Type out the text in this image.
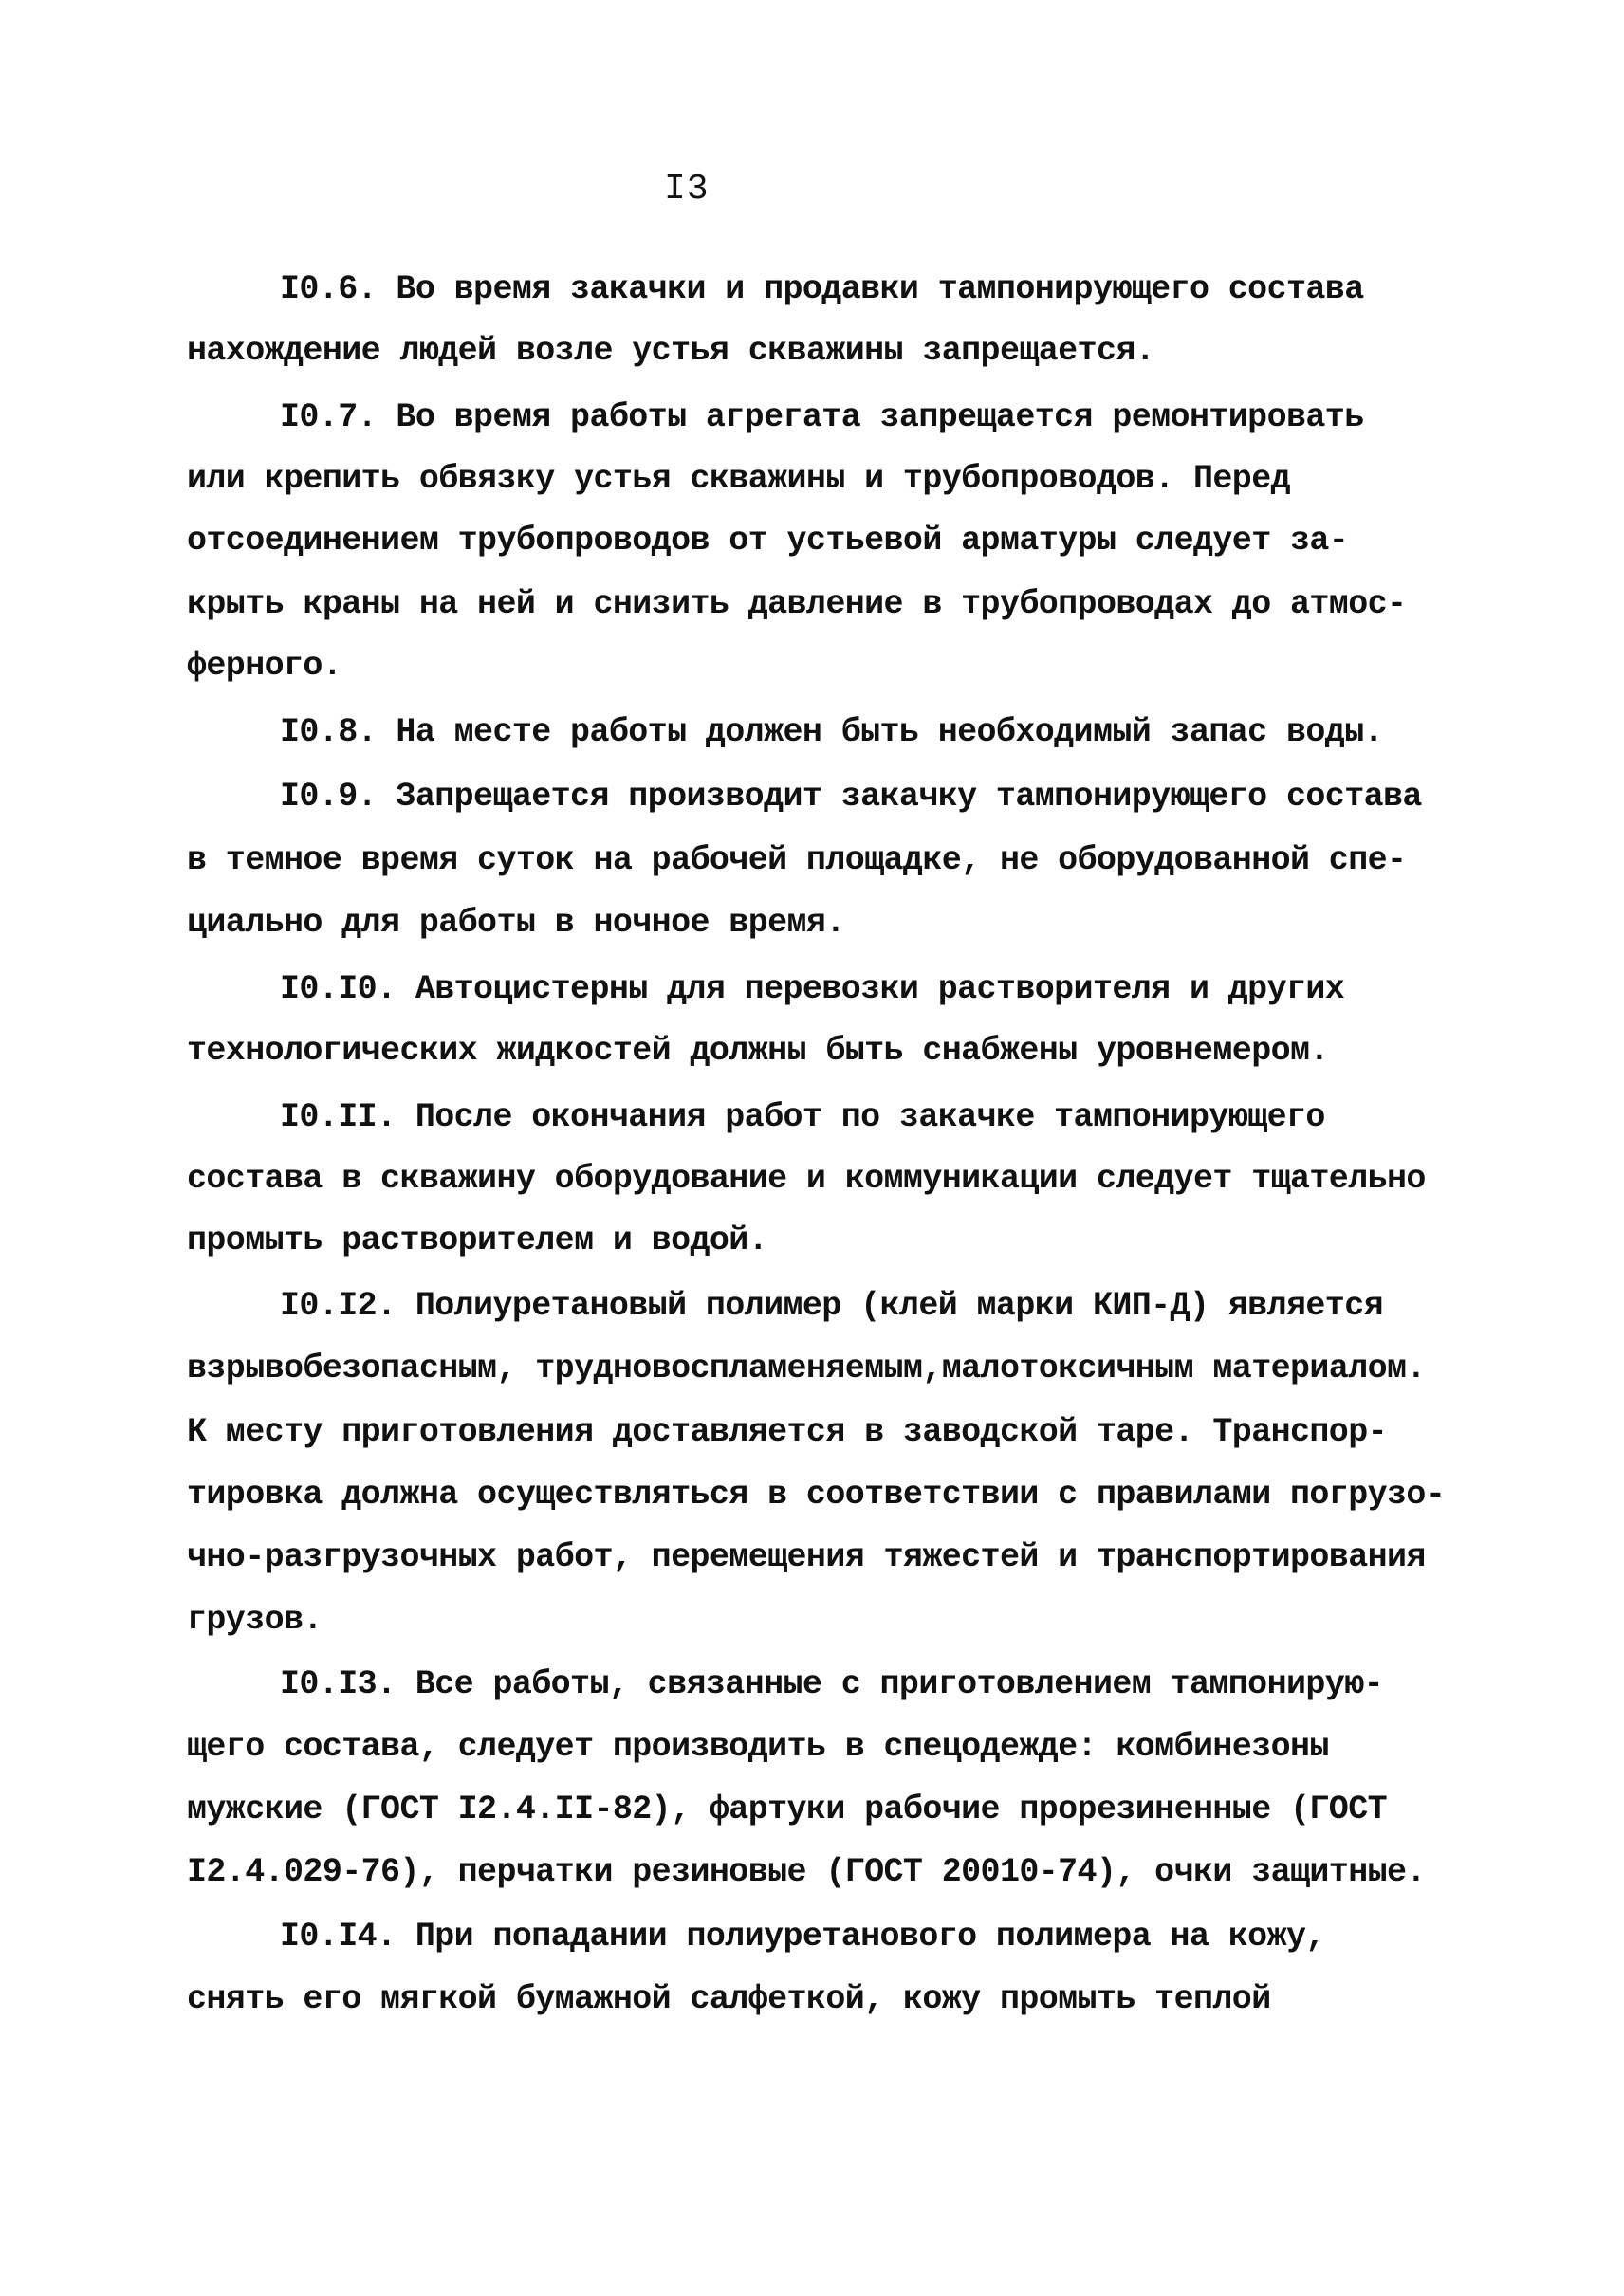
I3
I0.6. Во время закачки и продавки тампонирующего состава
нахождение людей возле устья скважины запрещается.
I0.7. Во время работы агрегата запрещается ремонтировать
или крепить обвязку устья скважины и трубопроводов. Перед
отсоединением трубопроводов от устьевой арматуры следует за-
крыть краны на ней и снизить давление в трубопроводах до атмос-
ферного.
I0.8. На месте работы должен быть необходимый запас воды.
I0.9. Запрещается производит закачку тампонирующего состава
в темное время суток на рабочей площадке, не оборудованной спе-
циально для работы в ночное время.
I0.I0. Автоцистерны для перевозки растворителя и других
технологических жидкостей должны быть снабжены уровнемером.
I0.II. После окончания работ по закачке тампонирующего
состава в скважину оборудование и коммуникации следует тщательно
промыть растворителем и водой.
I0.I2. Полиуретановый полимер (клей марки КИП-Д) является
взрывобезопасным, трудновоспламеняемым,малотоксичным материалом.
К месту приготовления доставляется в заводской таре. Транспор-
тировка должна осуществляться в соответствии с правилами погрузо-
чно-разгрузочных работ, перемещения тяжестей и транспортирования
грузов.
I0.I3. Все работы, связанные с приготовлением тампонирую-
щего состава, следует производить в спецодежде: комбинезоны
мужские (ГОСТ I2.4.II-82), фартуки рабочие прорезиненные (ГОСТ
I2.4.029-76), перчатки резиновые (ГОСТ 20010-74), очки защитные.
I0.I4. При попадании полиуретанового полимера на кожу,
снять его мягкой бумажной салфеткой, кожу промыть теплой
